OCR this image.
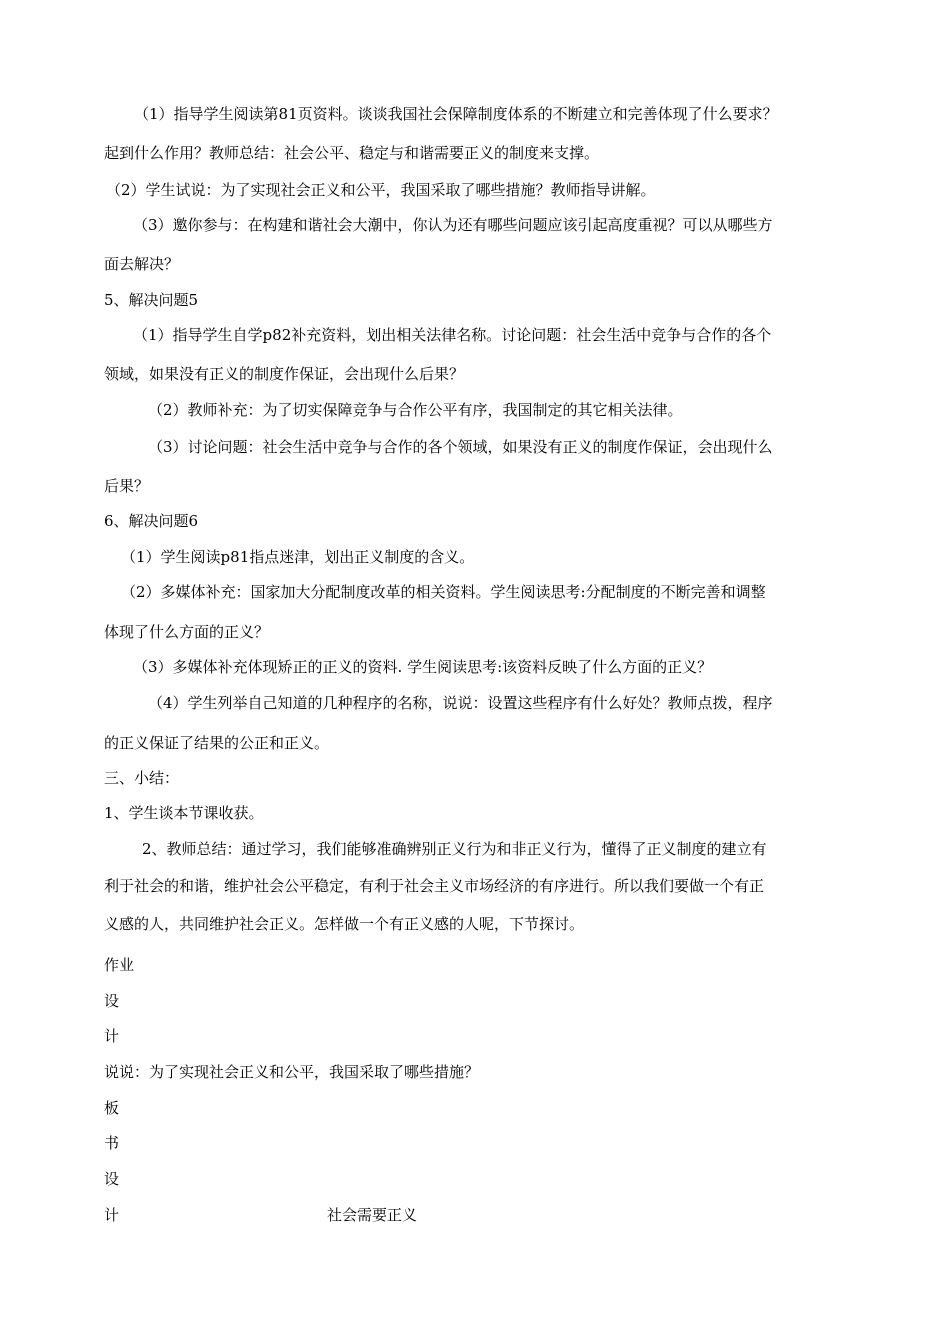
（1）指导学生阅读第81页资料。谈谈我国社会保障制度体系的不断建立和完善体现了什么要求？
起到什么作用？教师总结：社会公平、稳定与和谐需要正义的制度来支撑。
（2）学生试说：为了实现社会正义和公平，我国采取了哪些措施？教师指导讲解。
（3）邀你参与：在构建和谐社会大潮中，你认为还有哪些问题应该引起高度重视？可以从哪些方
面去解决？
5、解决问题5
（1）指导学生自学p82补充资料，划出相关法律名称。讨论问题：社会生活中竞争与合作的各个
领域，如果没有正义的制度作保证，会出现什么后果？
（2）教师补充：为了切实保障竞争与合作公平有序，我国制定的其它相关法律。
（3）讨论问题：社会生活中竞争与合作的各个领域，如果没有正义的制度作保证，会出现什么
后果？
6、解决问题6
（1）学生阅读p81指点迷津，划出正义制度的含义。
（2）多媒体补充：国家加大分配制度改革的相关资料。学生阅读思考:分配制度的不断完善和调整
体现了什么方面的正义？
（3）多媒体补充体现矫正的正义的资料. 学生阅读思考:该资料反映了什么方面的正义？
（4）学生列举自己知道的几种程序的名称，说说：设置这些程序有什么好处？教师点拨，程序
的正义保证了结果的公正和正义。
三、小结：
1、学生谈本节课收获。
2、教师总结：通过学习，我们能够准确辨别正义行为和非正义行为，懂得了正义制度的建立有
利于社会的和谐，维护社会公平稳定，有利于社会主义市场经济的有序进行。所以我们要做一个有正
义感的人，共同维护社会正义。怎样做一个有正义感的人呢，下节探讨。
作业
设
计
说说：为了实现社会正义和公平，我国采取了哪些措施？
板
书
设
计	社会需要正义
